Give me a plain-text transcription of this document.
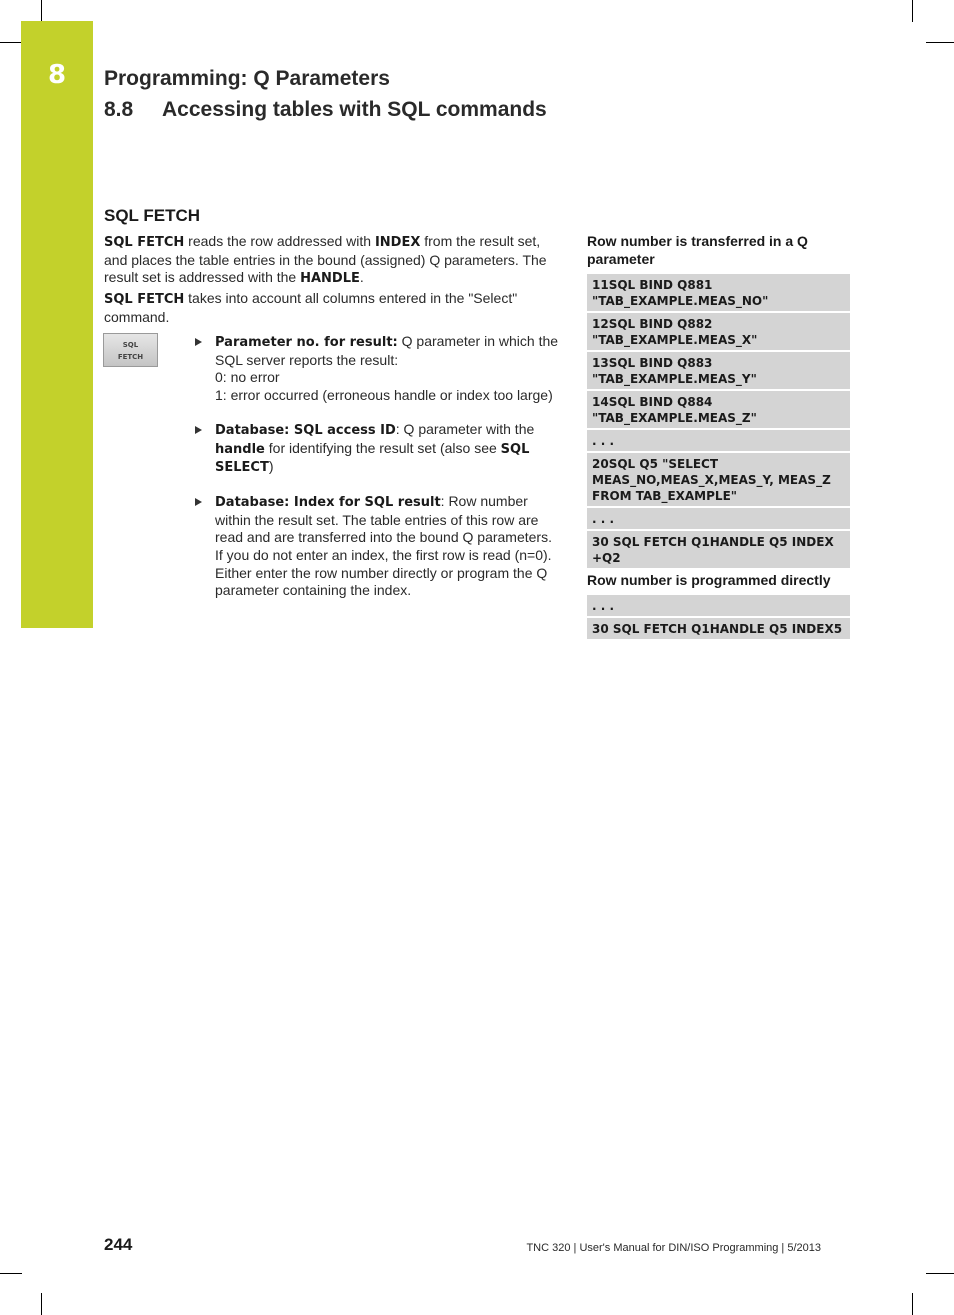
8	Programming: Q Parameters
8.8 Accessing tables with SQL commands
SQL FETCH
SQL FETCH reads the row addressed with INDEX from the result set, and places the table entries in the bound (assigned) Q parameters. The result set is addressed with the HANDLE.
SQL FETCH takes into account all columns entered in the "Select" command.
SQL
FETCH
Parameter no. for result: Q parameter in which the SQL server reports the result:
0: no error
1: error occurred (erroneous handle or index too large)
Database: SQL access ID: Q parameter with the handle for identifying the result set (also see SQL SELECT)
Database: Index for SQL result: Row number within the result set. The table entries of this row are read and are transferred into the bound Q parameters. If you do not enter an index, the first row is read (n=0).
Either enter the row number directly or program the Q parameter containing the index.
Row number is transferred in a Q parameter
11SQL BIND Q881
"TAB_EXAMPLE.MEAS_NO"
12SQL BIND Q882
"TAB_EXAMPLE.MEAS_X"
13SQL BIND Q883
"TAB_EXAMPLE.MEAS_Y"
14SQL BIND Q884
"TAB_EXAMPLE.MEAS_Z"
. . .
20SQL Q5 "SELECT
MEAS_NO,MEAS_X,MEAS_Y, MEAS_Z
FROM TAB_EXAMPLE"
. . .
30 SQL FETCH Q1HANDLE Q5 INDEX
+Q2
Row number is programmed directly
. . .
30 SQL FETCH Q1HANDLE Q5 INDEX5
244	TNC 320 | User's Manual for DIN/ISO Programming | 5/2013
